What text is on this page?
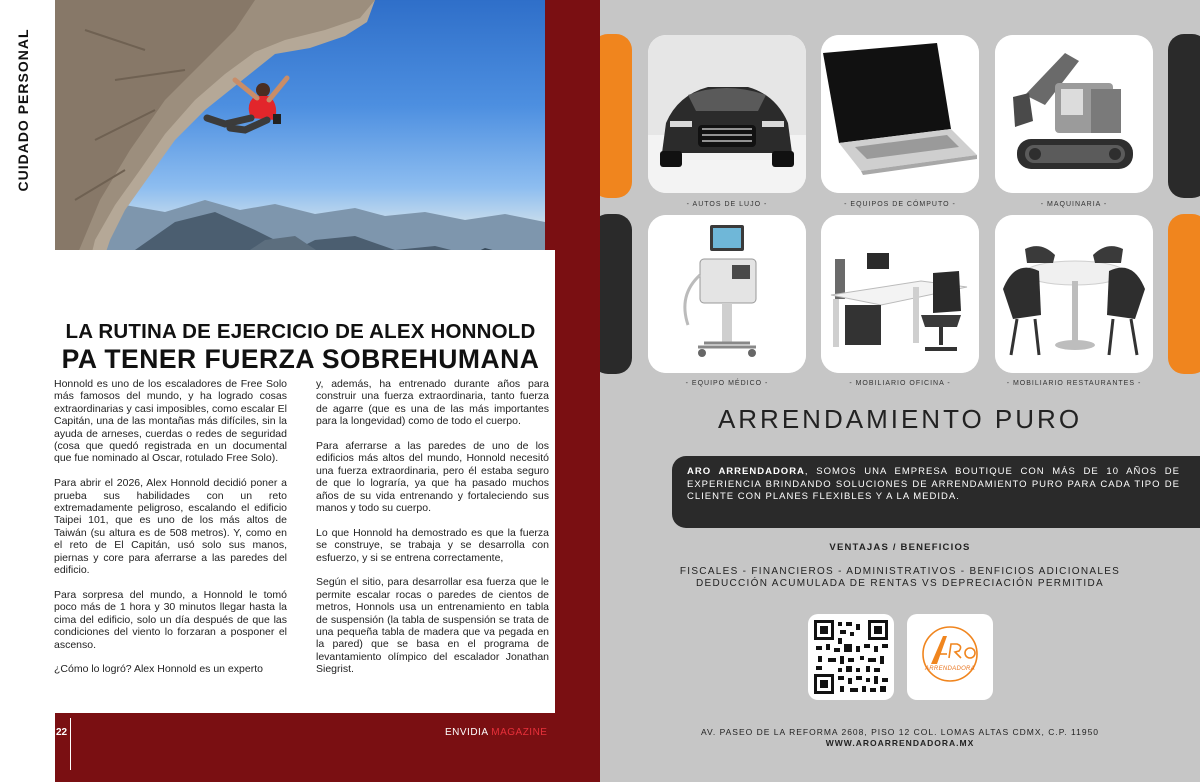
CUIDADO PERSONAL
LA RUTINA DE EJERCICIO DE ALEX HONNOLD
PA TENER FUERZA SOBREHUMANA

Honnold es uno de los escaladores de Free Solo más famosos del mundo, y ha logrado cosas extraordinarias y casi imposibles, como escalar El Capitán, una de las montañas más difíciles, sin la ayuda de arneses, cuerdas o redes de seguridad (cosa que quedó registrada en un documental que fue nominado al Oscar, rotulado Free Solo).

Para abrir el 2026, Alex Honnold decidió poner a prueba sus habilidades con un reto extremadamente peligroso, escalando el edificio Taipei 101, que es uno de los más altos de Taiwán (su altura es de 508 metros). Y, como en el reto de El Capitán, usó solo sus manos, piernas y core para aferrarse a las paredes del edificio.

Para sorpresa del mundo, a Honnold le tomó poco más de 1 hora y 30 minutos llegar hasta la cima del edificio, solo un día después de que las condiciones del viento lo forzaran a posponer el ascenso.

¿Cómo lo logró? Alex Honnold es un experto

y, además, ha entrenado durante años para construir una fuerza extraordinaria, tanto fuerza de agarre (que es una de las más importantes para la longevidad) como de todo el cuerpo.

Para aferrarse a las paredes de uno de los edificios más altos del mundo, Honnold necesitó una fuerza extraordinaria, pero él estaba seguro de que lo lograría, ya que ha pasado muchos años de su vida entrenando y fortaleciendo sus manos y todo su cuerpo.

Lo que Honnold ha demostrado es que la fuerza se construye, se trabaja y se desarrolla con esfuerzo, y si se entrena correctamente,

Según el sitio, para desarrollar esa fuerza que le permite escalar rocas o paredes de cientos de metros, Honnols usa un entrenamiento en tabla de suspensión (la tabla de suspensión se trata de una pequeña tabla de madera que va pegada en la pared) que se basa en el programa de levantamiento olímpico del escalador Jonathan Siegrist.

22	ENVIDIA MAGAZINE
- AUTOS DE LUJO -	- EQUIPOS DE CÓMPUTO -	- MAQUINARIA -
- EQUIPO MÉDICO -	- MOBILIARIO OFICINA -	- MOBILIARIO RESTAURANTES -
ARRENDAMIENTO PURO
ARO ARRENDADORA, SOMOS UNA EMPRESA BOUTIQUE CON MÁS DE 10 AÑOS DE EXPERIENCIA BRINDANDO SOLUCIONES DE ARRENDAMIENTO PURO PARA CADA TIPO DE CLIENTE CON PLANES FLEXIBLES Y A LA MEDIDA.
VENTAJAS / BENEFICIOS
FISCALES - FINANCIEROS - ADMINISTRATIVOS - BENFICIOS ADICIONALES
DEDUCCIÓN ACUMULADA DE RENTAS VS DEPRECIACIÓN PERMITIDA
ARRENDADORA
AV. PASEO DE LA REFORMA 2608, PISO 12 COL. LOMAS ALTAS CDMX, C.P. 11950
WWW.AROARRENDADORA.MX
